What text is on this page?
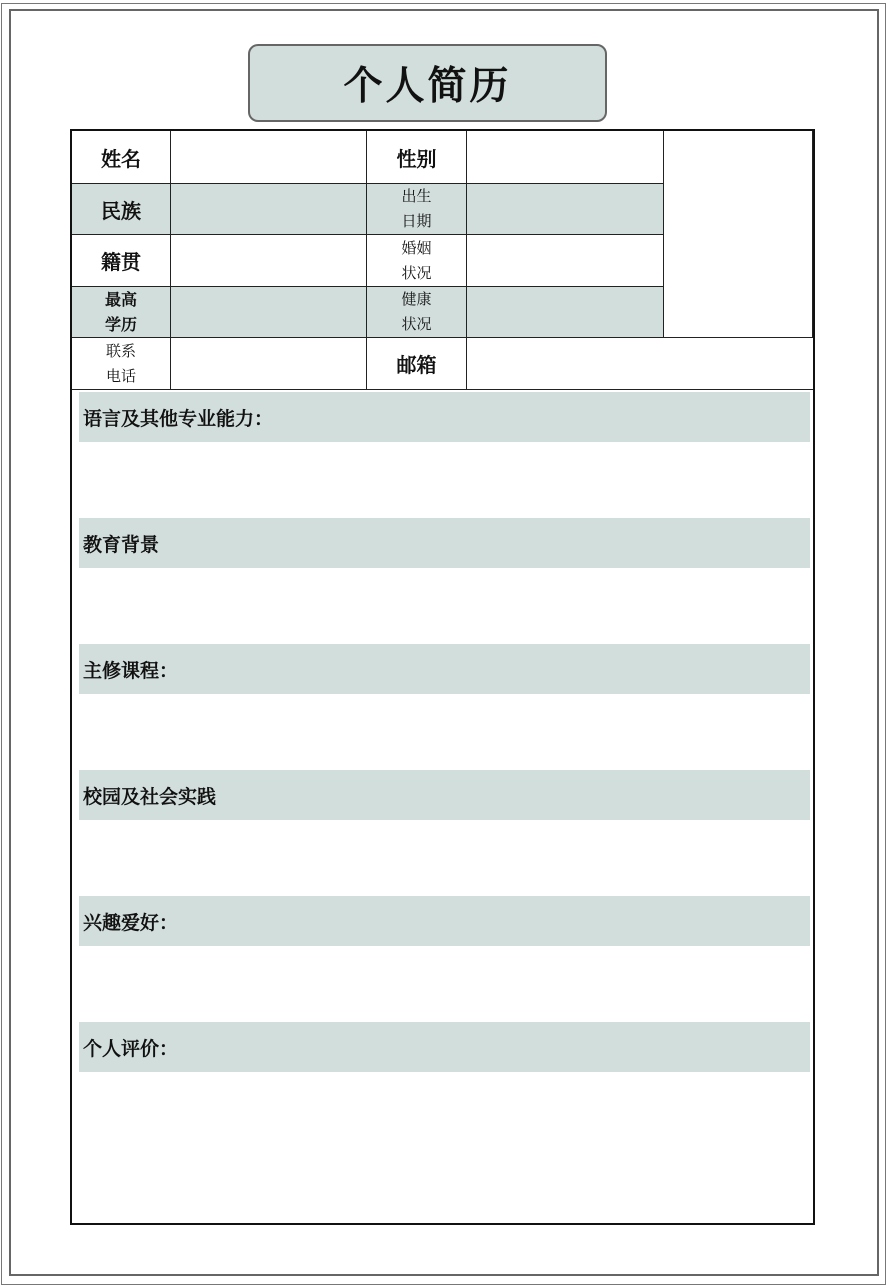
个人简历
姓名	性别
民族
出生
日期
籍贯
婚姻
状况
最高
学历
健康
状况
联系
电话	邮箱
语言及其他专业能力：
教育背景
主修课程：
校园及社会实践
兴趣爱好：
个人评价：
